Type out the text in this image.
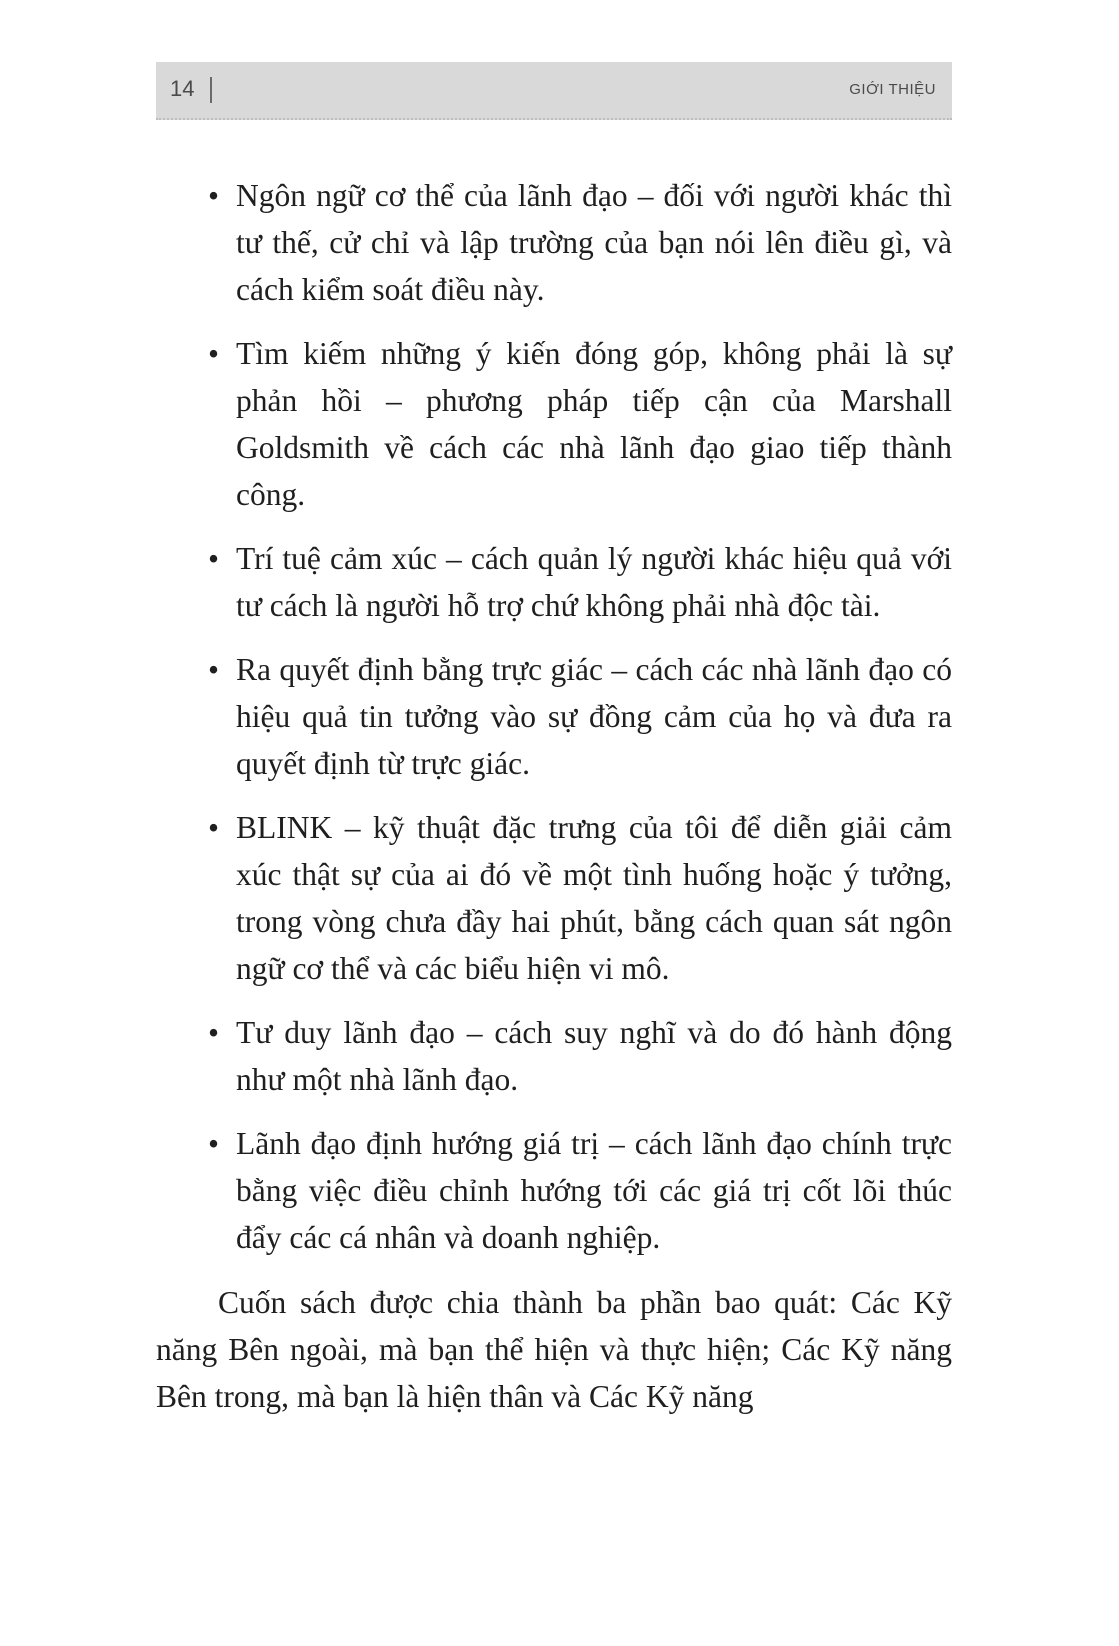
14	GIỚI THIỆU
• Ngôn ngữ cơ thể của lãnh đạo – đối với người khác thì tư thế, cử chỉ và lập trường của bạn nói lên điều gì, và cách kiểm soát điều này.
• Tìm kiếm những ý kiến đóng góp, không phải là sự phản hồi – phương pháp tiếp cận của Marshall Goldsmith về cách các nhà lãnh đạo giao tiếp thành công.
• Trí tuệ cảm xúc – cách quản lý người khác hiệu quả với tư cách là người hỗ trợ chứ không phải nhà độc tài.
• Ra quyết định bằng trực giác – cách các nhà lãnh đạo có hiệu quả tin tưởng vào sự đồng cảm của họ và đưa ra quyết định từ trực giác.
• BLINK – kỹ thuật đặc trưng của tôi để diễn giải cảm xúc thật sự của ai đó về một tình huống hoặc ý tưởng, trong vòng chưa đầy hai phút, bằng cách quan sát ngôn ngữ cơ thể và các biểu hiện vi mô.
• Tư duy lãnh đạo – cách suy nghĩ và do đó hành động như một nhà lãnh đạo.
• Lãnh đạo định hướng giá trị – cách lãnh đạo chính trực bằng việc điều chỉnh hướng tới các giá trị cốt lõi thúc đẩy các cá nhân và doanh nghiệp.

Cuốn sách được chia thành ba phần bao quát: Các Kỹ năng Bên ngoài, mà bạn thể hiện và thực hiện; Các Kỹ năng Bên trong, mà bạn là hiện thân và Các Kỹ năng
